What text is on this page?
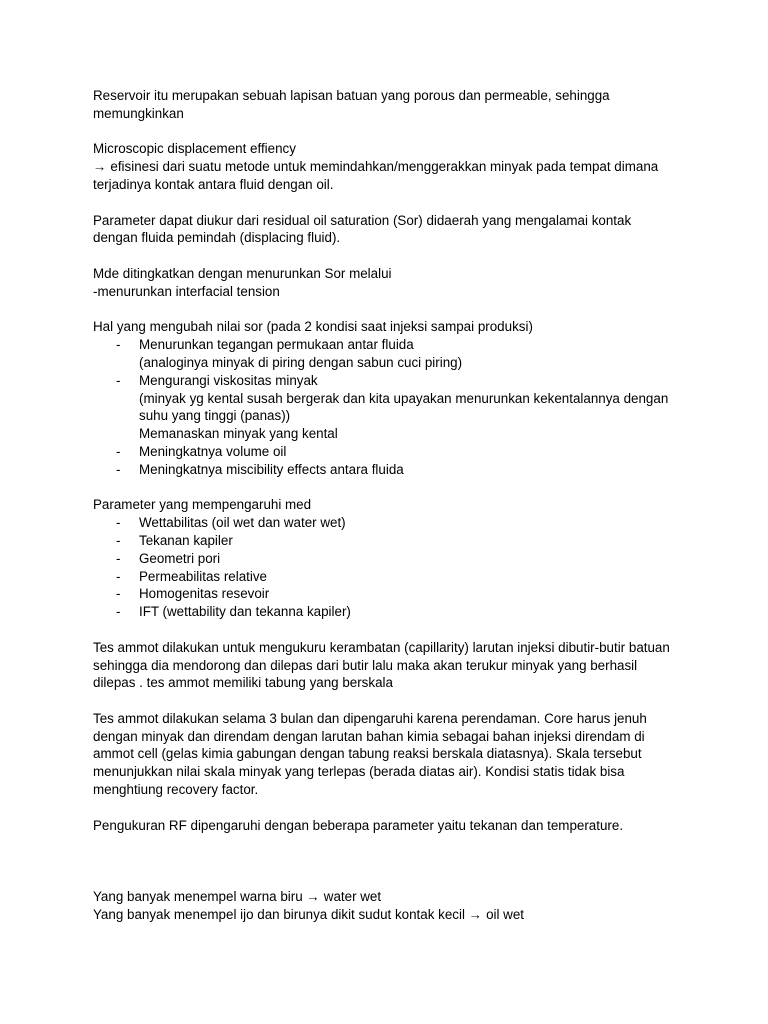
Reservoir itu merupakan sebuah lapisan batuan yang porous dan permeable, sehingga memungkinkan

Microscopic displacement effiency

→ efisinesi dari suatu metode untuk memindahkan/menggerakkan minyak pada tempat dimana terjadinya kontak antara fluid dengan oil.

Parameter dapat diukur dari residual oil saturation (Sor) didaerah yang mengalamai kontak dengan fluida pemindah (displacing fluid).

Mde ditingkatkan dengan menurunkan Sor melalui

-menurunkan interfacial tension

Hal yang mengubah nilai sor (pada 2 kondisi saat injeksi sampai produksi)

- Menurunkan tegangan permukaan antar fluida

(analoginya minyak di piring dengan sabun cuci piring)

- Mengurangi viskositas minyak

(minyak yg kental susah bergerak dan kita upayakan menurunkan kekentalannya dengan suhu yang tinggi (panas))

Memanaskan minyak yang kental

- Meningkatnya volume oil
- Meningkatnya miscibility effects antara fluida

Parameter yang mempengaruhi med

- Wettabilitas (oil wet dan water wet)
- Tekanan kapiler
- Geometri pori
- Permeabilitas relative
- Homogenitas resevoir
- IFT (wettability dan tekanna kapiler)

Tes ammot dilakukan untuk mengukuru kerambatan (capillarity) larutan injeksi dibutir-butir batuan sehingga dia mendorong dan dilepas dari butir lalu maka akan terukur minyak yang berhasil dilepas . tes ammot memiliki tabung yang berskala

Tes ammot dilakukan selama 3 bulan dan dipengaruhi karena perendaman. Core harus jenuh dengan minyak dan direndam dengan larutan bahan kimia sebagai bahan injeksi direndam di ammot cell (gelas kimia gabungan dengan tabung reaksi berskala diatasnya). Skala tersebut menunjukkan nilai skala minyak yang terlepas (berada diatas air). Kondisi statis tidak bisa menghtiung recovery factor.

Pengukuran RF dipengaruhi dengan beberapa parameter yaitu tekanan dan temperature.

Yang banyak menempel warna biru → water wet

Yang banyak menempel ijo dan birunya dikit sudut kontak kecil → oil wet
